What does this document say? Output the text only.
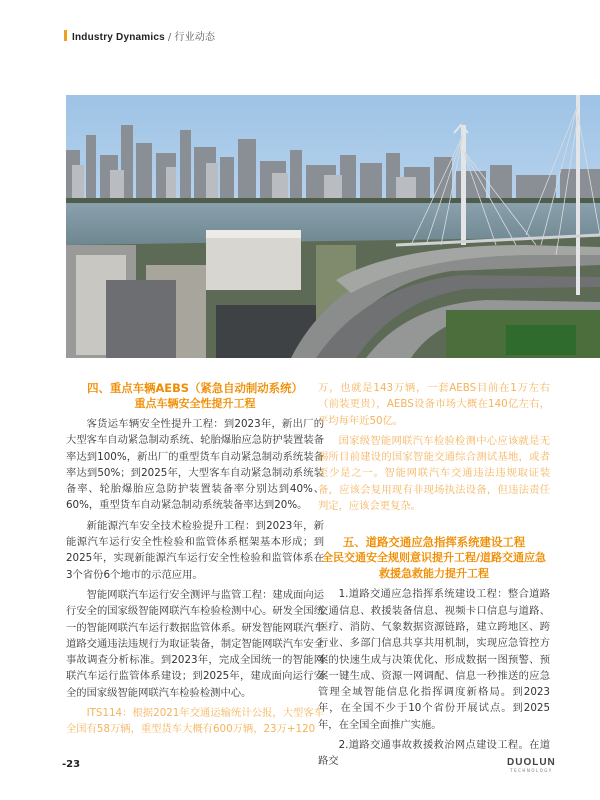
Industry Dynamics / 行业动态
四、重点车辆AEBS（紧急自动制动系统）
重点车辆安全性提升工程

客货运车辆安全性提升工程：到2023年，新出厂的大型客车自动紧急制动系统、轮胎爆胎应急防护装置装备率达到100%，新出厂的重型货车自动紧急制动系统装备率达到50%；到2025年，大型客车自动紧急制动系统装备率、轮胎爆胎应急防护装置装备率分别达到40%、60%，重型货车自动紧急制动系统装备率达到20%。

新能源汽车安全技术检验提升工程：到2023年，新能源汽车运行安全性检验和监管体系框架基本形成；到2025年，实现新能源汽车运行安全性检验和监管体系在3个省份6个地市的示范应用。

智能网联汽车运行安全测评与监管工程：建成面向运行安全的国家级智能网联汽车检验检测中心。研发全国统一的智能网联汽车运行数据监管体系。研发智能网联汽车道路交通违法违规行为取证装备，制定智能网联汽车安全事故调查分析标准。到2023年，完成全国统一的智能网联汽车运行监管体系建设；到2025年，建成面向运行安全的国家级智能网联汽车检验检测中心。

ITS114：根据2021年交通运输统计公报，大型客车全国有58万辆，重型货车大概有600万辆，23万+120

万，也就是143万辆，一套AEBS目前在1万左右（前装更贵），AEBS设备市场大概在140亿左右，平均每年近50亿。

国家级智能网联汽车检验检测中心应该就是无锡所目前建设的国家智能交通综合测试基地，或者至少是之一。智能网联汽车交通违法违规取证装备，应该会复用现有非现场执法设备，但违法责任判定，应该会更复杂。

五、道路交通应急指挥系统建设工程
全民交通安全规则意识提升工程/道路交通应急救援急救能力提升工程

1.道路交通应急指挥系统建设工程：整合道路交通信息、救援装备信息、视频卡口信息与道路、医疗、消防、气象数据资源链路，建立跨地区、跨行业、多部门信息共享共用机制，实现应急管控方案的快速生成与决策优化、形成数据一图预警、预案一键生成、资源一网调配、信息一秒推送的应急管理全域智能信息化指挥调度新格局。到2023年，在全国不少于10个省份开展试点。到2025年，在全国全面推广实施。

2.道路交通事故救援救治网点建设工程。在道路交

-23	DUOLUN
TECHNOLOGY
